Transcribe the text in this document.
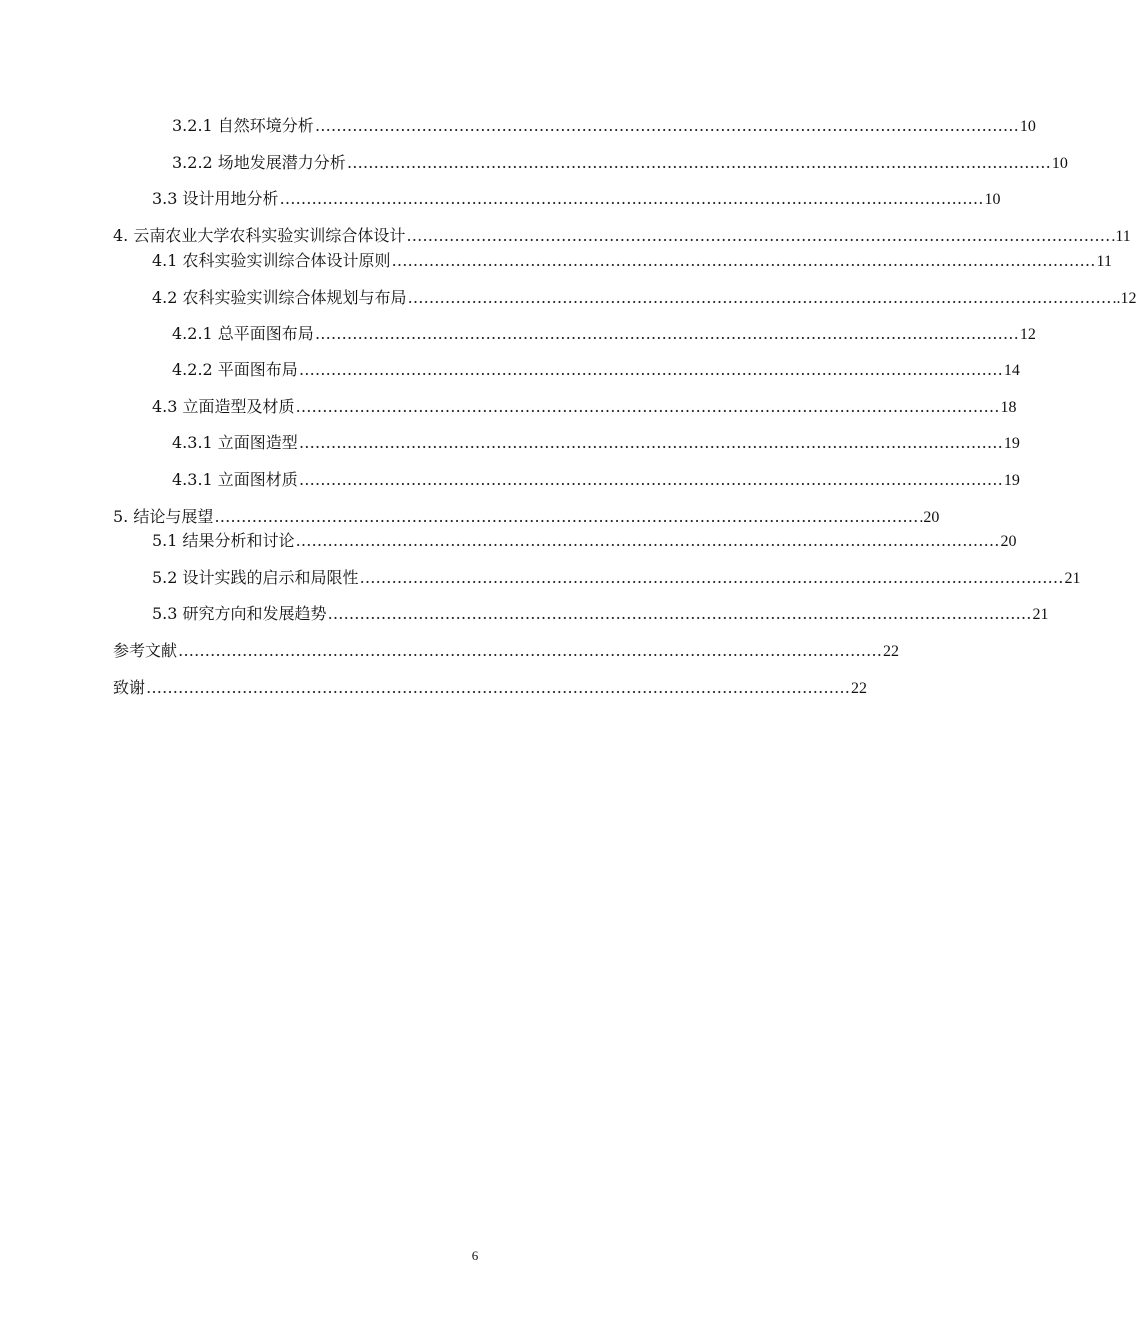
3.2.1 自然环境分析 …………………………………………………………………………………………………………………… 10
3.2.2 场地发展潜力分析 …………………………………………………………………………………………………………………… 10
3.3 设计用地分析 …………………………………………………………………………………………………………………… 10
4. 云南农业大学农科实验实训综合体设计 …………………………………………………………………………………………………………………… .11
4.1 农科实验实训综合体设计原则 …………………………………………………………………………………………………………………… 11
4.2 农科实验实训综合体规划与布局 …………………………………………………………………………………………………………………… ..12
4.2.1 总平面图布局 …………………………………………………………………………………………………………………… 12
4.2.2 平面图布局 …………………………………………………………………………………………………………………… 14
4.3 立面造型及材质 …………………………………………………………………………………………………………………… 18
4.3.1 立面图造型 …………………………………………………………………………………………………………………… 19
4.3.1 立面图材质 …………………………………………………………………………………………………………………… 19
5. 结论与展望 …………………………………………………………………………………………………………………… .20
5.1 结果分析和讨论 …………………………………………………………………………………………………………………… 20
5.2 设计实践的启示和局限性 …………………………………………………………………………………………………………………… 21
5.3 研究方向和发展趋势 …………………………………………………………………………………………………………………… 21
参考文献 …………………………………………………………………………………………………………………… 22
致谢 …………………………………………………………………………………………………………………… 22
6
